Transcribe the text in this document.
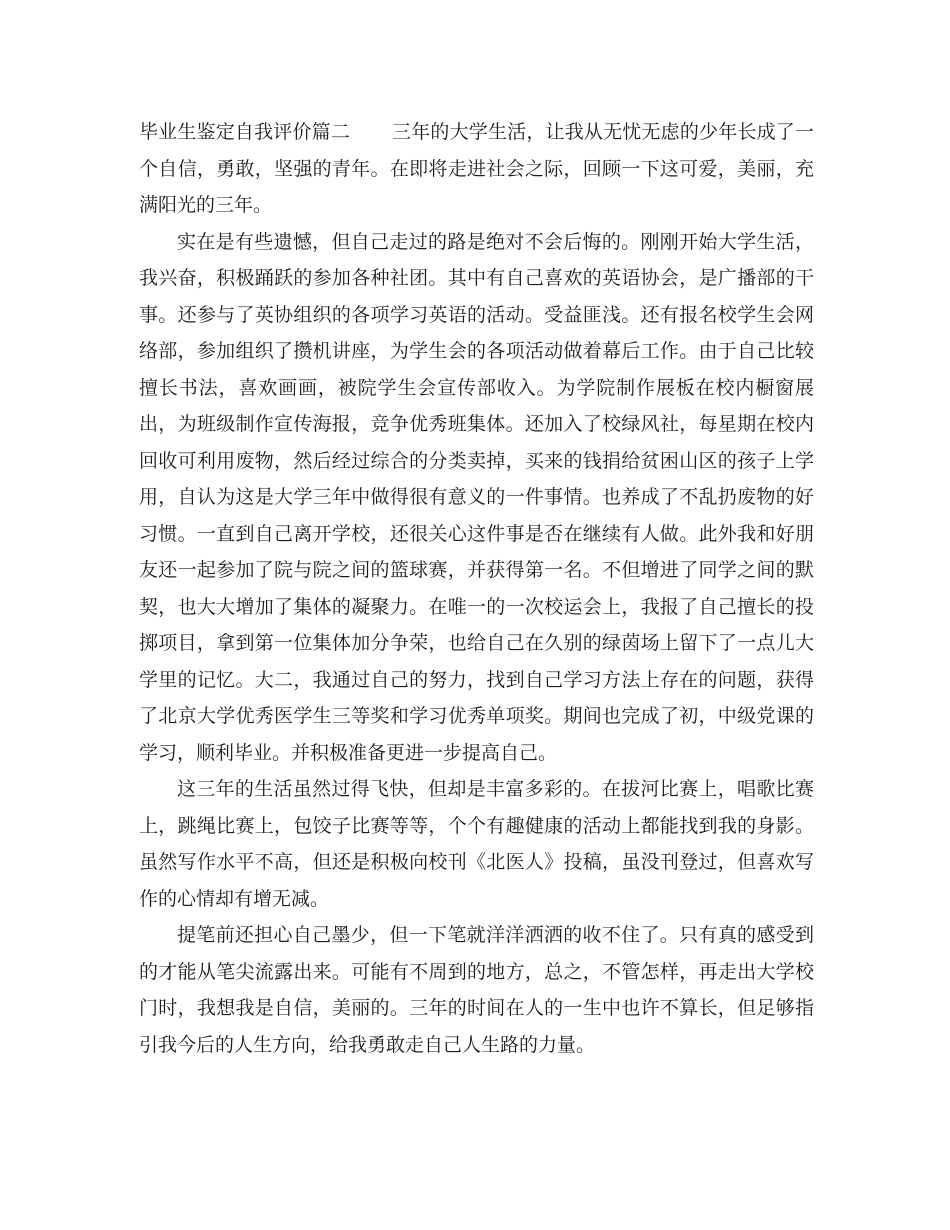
毕业生鉴定自我评价篇二 三年的大学生活，让我从无忧无虑的少年长成了一个自信，勇敢，坚强的青年。在即将走进社会之际，回顾一下这可爱，美丽，充满阳光的三年。

实在是有些遗憾，但自己走过的路是绝对不会后悔的。刚刚开始大学生活，我兴奋，积极踊跃的参加各种社团。其中有自己喜欢的英语协会，是广播部的干事。还参与了英协组织的各项学习英语的活动。受益匪浅。还有报名校学生会网络部，参加组织了攒机讲座，为学生会的各项活动做着幕后工作。由于自己比较擅长书法，喜欢画画，被院学生会宣传部收入。为学院制作展板在校内橱窗展出，为班级制作宣传海报，竞争优秀班集体。还加入了校绿风社，每星期在校内回收可利用废物，然后经过综合的分类卖掉，买来的钱捐给贫困山区的孩子上学用，自认为这是大学三年中做得很有意义的一件事情。也养成了不乱扔废物的好习惯。一直到自己离开学校，还很关心这件事是否在继续有人做。此外我和好朋友还一起参加了院与院之间的篮球赛，并获得第一名。不但增进了同学之间的默契，也大大增加了集体的凝聚力。在唯一的一次校运会上，我报了自己擅长的投掷项目，拿到第一位集体加分争荣，也给自己在久别的绿茵场上留下了一点儿大学里的记忆。大二，我通过自己的努力，找到自己学习方法上存在的问题，获得了北京大学优秀医学生三等奖和学习优秀单项奖。期间也完成了初，中级党课的学习，顺利毕业。并积极准备更进一步提高自己。

这三年的生活虽然过得飞快，但却是丰富多彩的。在拔河比赛上，唱歌比赛上，跳绳比赛上，包饺子比赛等等，个个有趣健康的活动上都能找到我的身影。虽然写作水平不高，但还是积极向校刊《北医人》投稿，虽没刊登过，但喜欢写作的心情却有增无减。

提笔前还担心自己墨少，但一下笔就洋洋洒洒的收不住了。只有真的感受到的才能从笔尖流露出来。可能有不周到的地方，总之，不管怎样，再走出大学校门时，我想我是自信，美丽的。三年的时间在人的一生中也许不算长，但足够指引我今后的人生方向，给我勇敢走自己人生路的力量。
